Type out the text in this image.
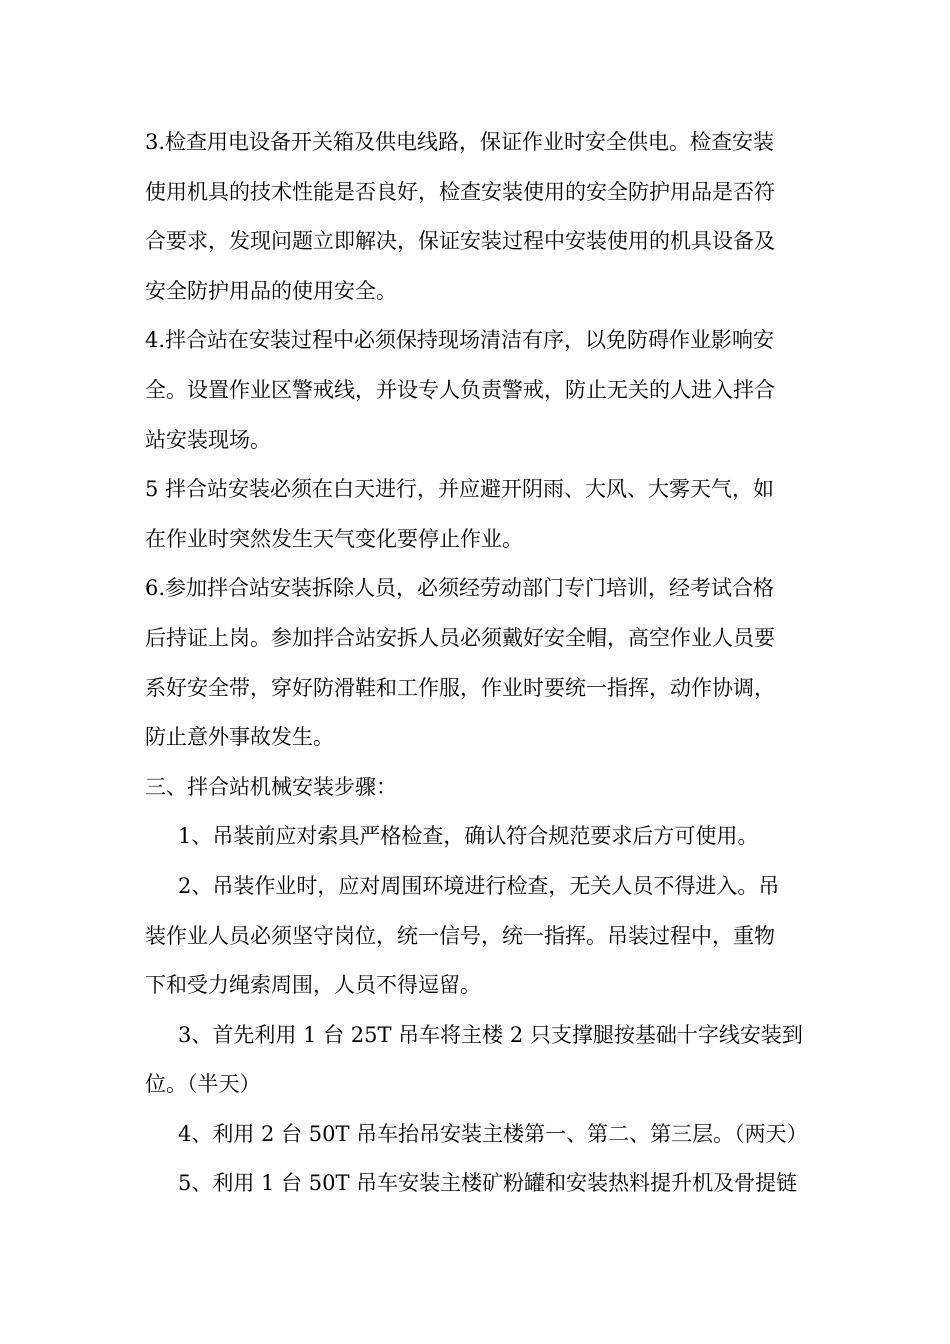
3.检查用电设备开关箱及供电线路，保证作业时安全供电。检查安装
使用机具的技术性能是否良好，检查安装使用的安全防护用品是否符
合要求，发现问题立即解决，保证安装过程中安装使用的机具设备及
安全防护用品的使用安全。
4.拌合站在安装过程中必须保持现场清洁有序，以免防碍作业影响安
全。设置作业区警戒线，并设专人负责警戒，防止无关的人进入拌合
站安装现场。
5 拌合站安装必须在白天进行，并应避开阴雨、大风、大雾天气，如
在作业时突然发生天气变化要停止作业。
6.参加拌合站安装拆除人员，必须经劳动部门专门培训，经考试合格
后持证上岗。参加拌合站安拆人员必须戴好安全帽，高空作业人员要
系好安全带，穿好防滑鞋和工作服，作业时要统一指挥，动作协调，
防止意外事故发生。
三、拌合站机械安装步骤：
1、吊装前应对索具严格检查，确认符合规范要求后方可使用。
2、吊装作业时，应对周围环境进行检查，无关人员不得进入。吊
装作业人员必须坚守岗位，统一信号，统一指挥。吊装过程中，重物
下和受力绳索周围，人员不得逗留。
3、首先利用 1 台 25T 吊车将主楼 2 只支撑腿按基础十字线安装到
位。（半天）
4、利用 2 台 50T 吊车抬吊安装主楼第一、第二、第三层。（两天）
5、利用 1 台 50T 吊车安装主楼矿粉罐和安装热料提升机及骨提链
